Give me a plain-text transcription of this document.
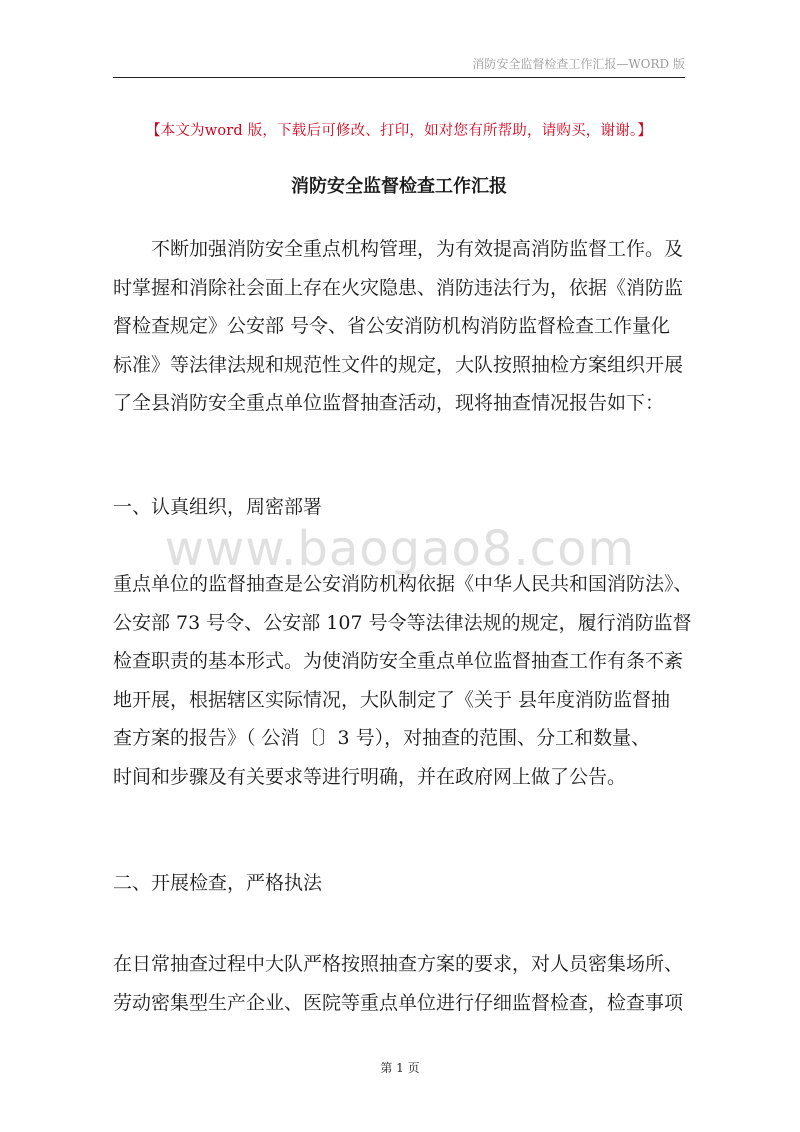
消防安全监督检查工作汇报—WORD 版
【本文为word 版，下载后可修改、打印，如对您有所帮助，请购买，谢谢。】
消防安全监督检查工作汇报
　　不断加强消防安全重点机构管理，为有效提高消防监督工作。及
时掌握和消除社会面上存在火灾隐患、消防违法行为，依据《消防监
督检查规定》公安部 号令、省公安消防机构消防监督检查工作量化
标准》等法律法规和规范性文件的规定，大队按照抽检方案组织开展
了全县消防安全重点单位监督抽查活动，现将抽查情况报告如下：
一、认真组织，周密部署
www.baogao8.com
重点单位的监督抽查是公安消防机构依据《中华人民共和国消防法》、
公安部 73 号令、公安部 107 号令等法律法规的规定，履行消防监督
检查职责的基本形式。为使消防安全重点单位监督抽查工作有条不紊
地开展，根据辖区实际情况，大队制定了《关于 县年度消防监督抽
查方案的报告》（ 公消〔〕3 号），对抽查的范围、分工和数量、
时间和步骤及有关要求等进行明确，并在政府网上做了公告。
二、开展检查，严格执法
在日常抽查过程中大队严格按照抽查方案的要求，对人员密集场所、
劳动密集型生产企业、医院等重点单位进行仔细监督检查，检查事项
第 1 页
